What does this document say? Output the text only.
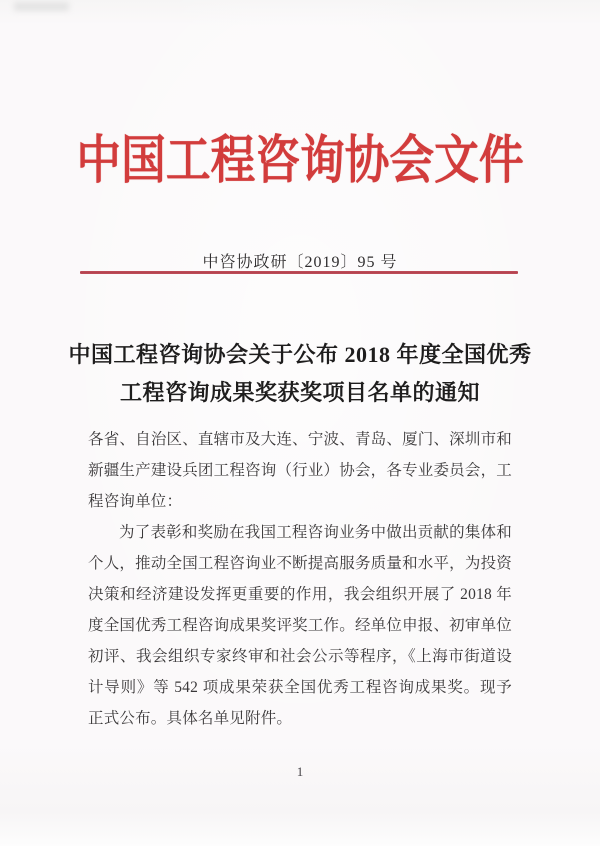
中国工程咨询协会文件
中咨协政研〔2019〕95 号
中国工程咨询协会关于公布 2018 年度全国优秀
工程咨询成果奖获奖项目名单的通知

各省、自治区、直辖市及大连、宁波、青岛、厦门、深圳市和新疆生产建设兵团工程咨询（行业）协会，各专业委员会，工程咨询单位：

为了表彰和奖励在我国工程咨询业务中做出贡献的集体和个人，推动全国工程咨询业不断提高服务质量和水平，为投资决策和经济建设发挥更重要的作用，我会组织开展了 2018 年度全国优秀工程咨询成果奖评奖工作。经单位申报、初审单位初评、我会组织专家终审和社会公示等程序，《上海市街道设计导则》等 542 项成果荣获全国优秀工程咨询成果奖。现予正式公布。具体名单见附件。

1
